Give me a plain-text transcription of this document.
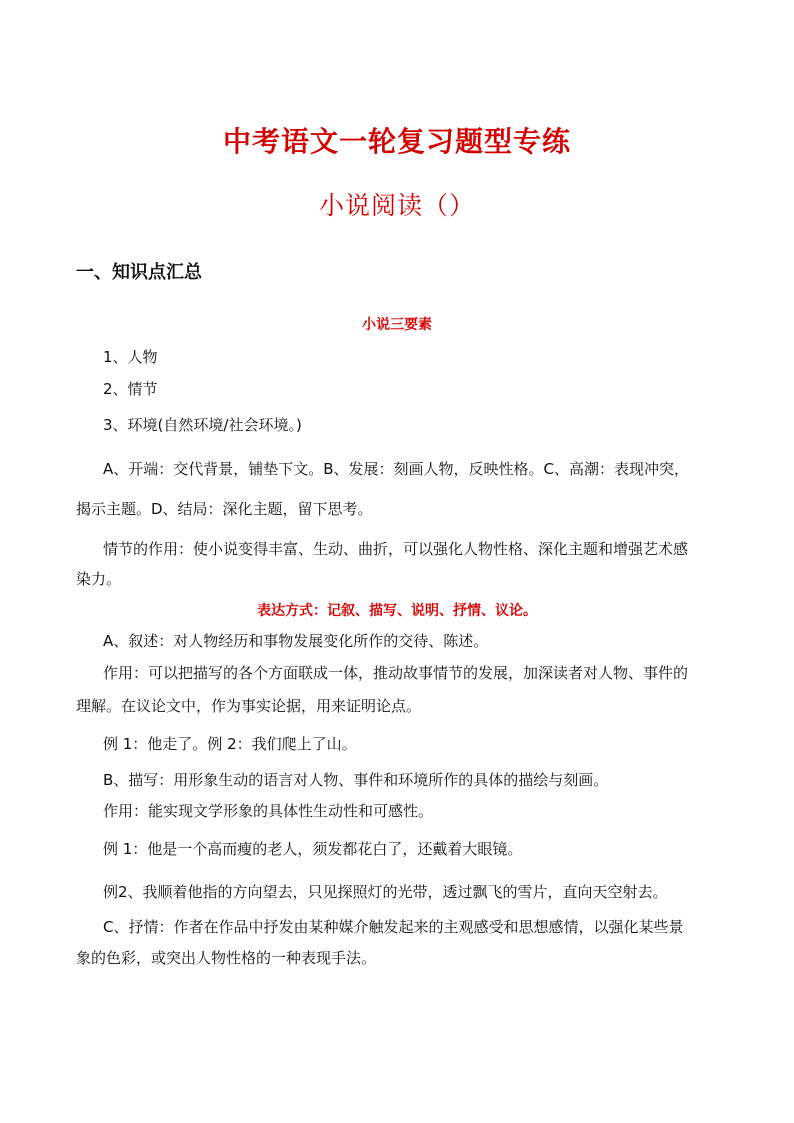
中考语文一轮复习题型专练
小说阅读（）
一、知识点汇总
小说三要素
1、人物
2、情节
3、环境(自然环境/社会环境。)
A、开端：交代背景，铺垫下文。B、发展：刻画人物，反映性格。C、高潮：表现冲突，
揭示主题。D、结局：深化主题，留下思考。
情节的作用：使小说变得丰富、生动、曲折，可以强化人物性格、深化主题和增强艺术感
染力。
表达方式：记叙、描写、说明、抒情、议论。
A、叙述：对人物经历和事物发展变化所作的交待、陈述。
作用：可以把描写的各个方面联成一体，推动故事情节的发展，加深读者对人物、事件的
理解。在议论文中，作为事实论据，用来证明论点。
例 1：他走了。例 2：我们爬上了山。
B、描写：用形象生动的语言对人物、事件和环境所作的具体的描绘与刻画。
作用：能实现文学形象的具体性生动性和可感性。
例 1：他是一个高而瘦的老人，须发都花白了，还戴着大眼镜。
例2、我顺着他指的方向望去，只见探照灯的光带，透过飘飞的雪片，直向天空射去。
C、抒情：作者在作品中抒发由某种媒介触发起来的主观感受和思想感情，以强化某些景
象的色彩，或突出人物性格的一种表现手法。
